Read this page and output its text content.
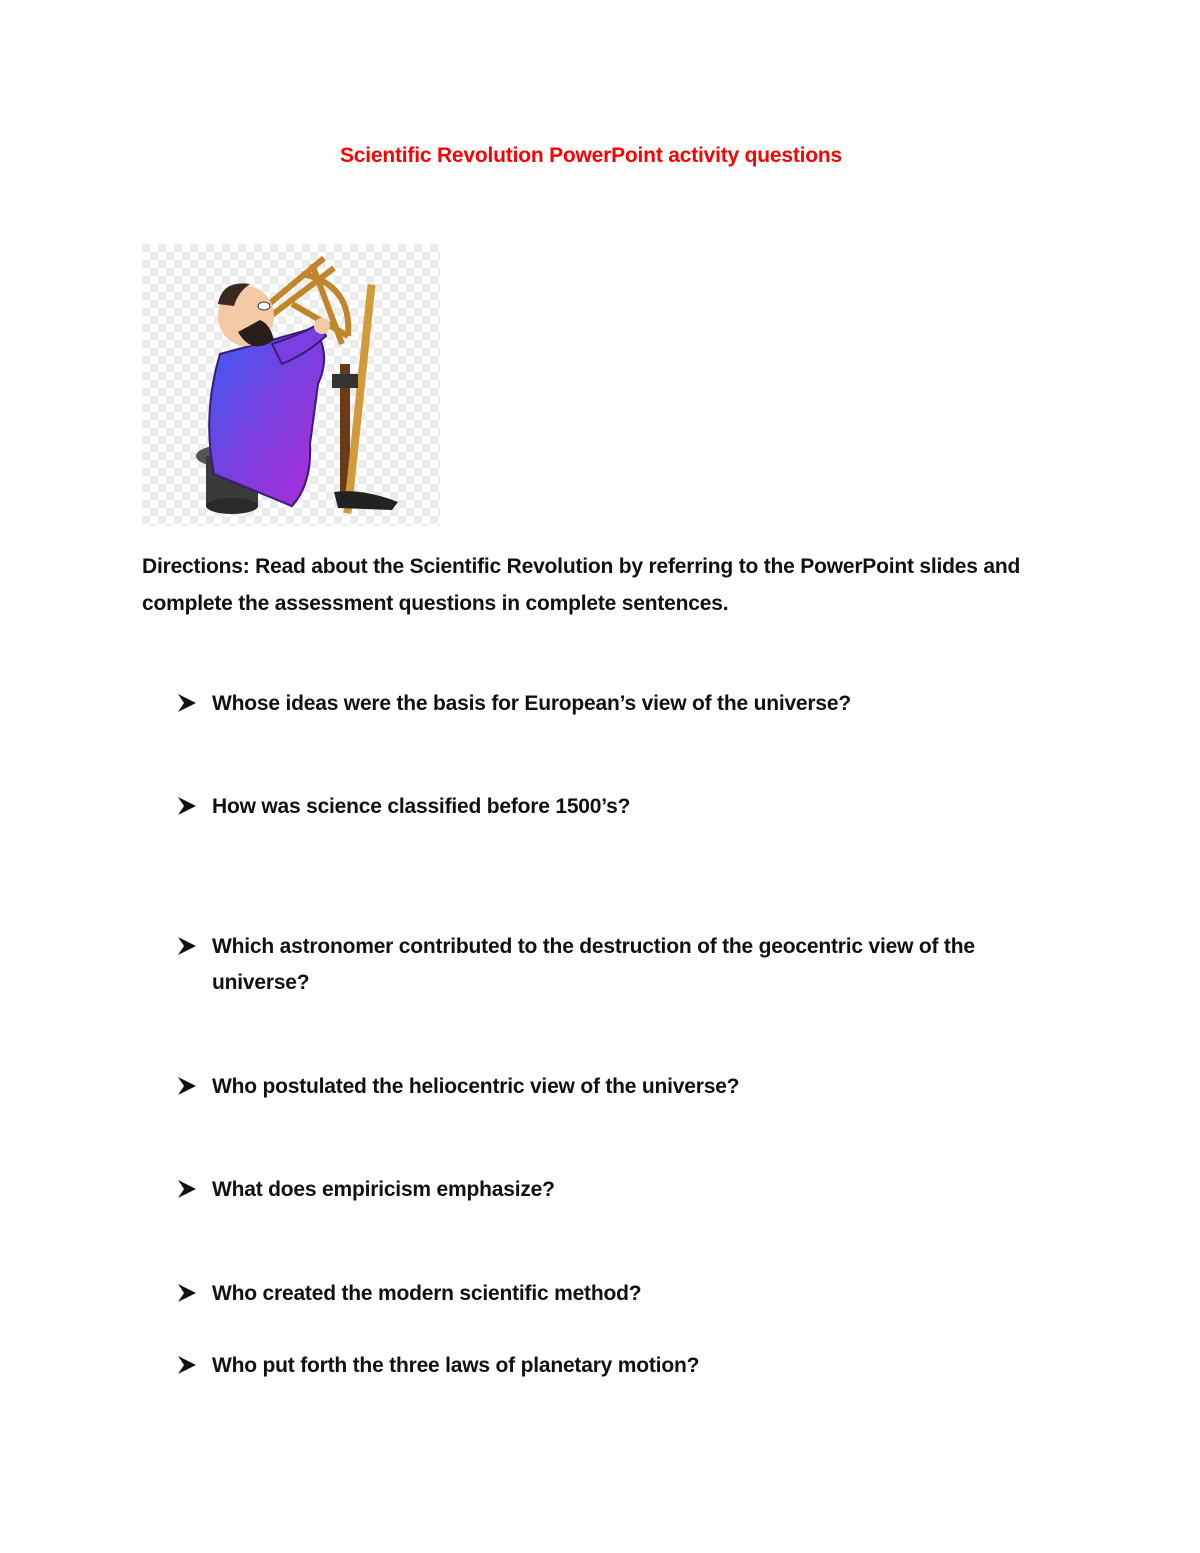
Scientific Revolution PowerPoint activity questions
Directions: Read about the Scientific Revolution by referring to the PowerPoint slides and complete the assessment questions in complete sentences.
Whose ideas were the basis for European’s view of the universe?
How was science classified before 1500’s?
Which astronomer contributed to the destruction of the geocentric view of the universe?
Who postulated the heliocentric view of the universe?
What does empiricism emphasize?
Who created the modern scientific method?
Who put forth the three laws of planetary motion?
